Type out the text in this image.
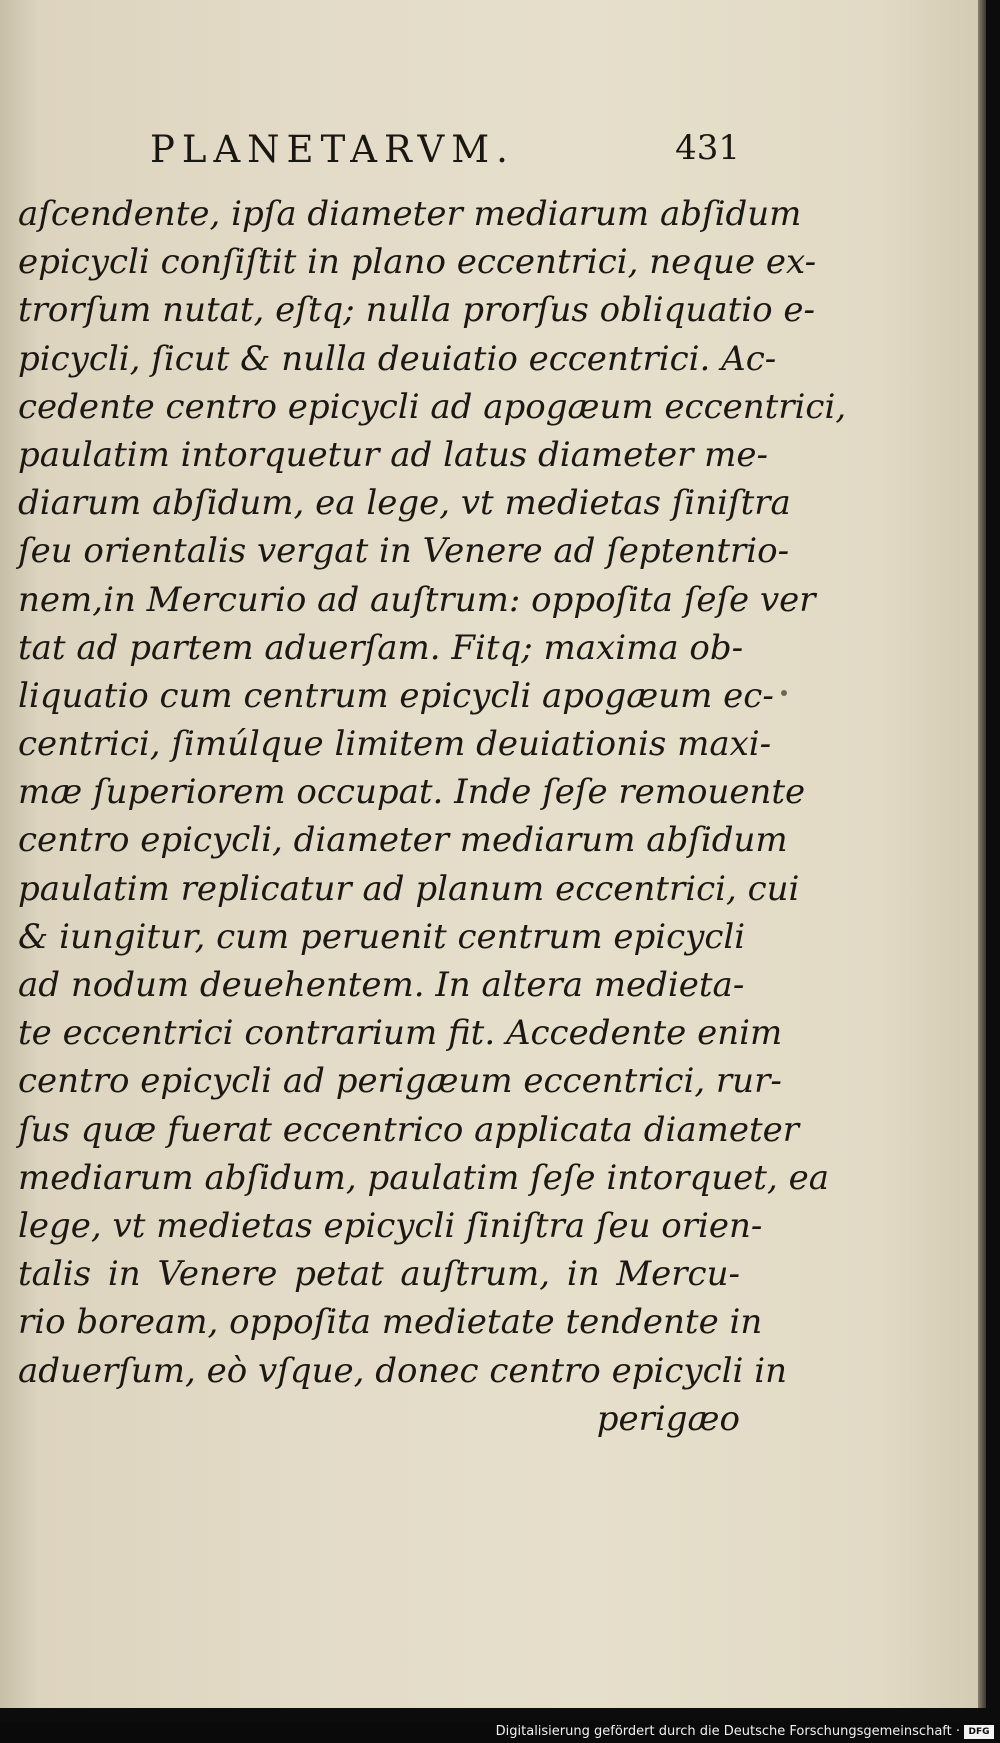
PLANETARVM.	431
aſcendente, ipſa diameter mediarum abſidum
epicycli conſiſtit in plano eccentrici, neque ex-
trorſum nutat, eſtq; nulla prorſus obliquatio e-
picycli, ſicut & nulla deuiatio eccentrici. Ac-
cedente centro epicycli ad apogæum eccentrici,
paulatim intorquetur ad latus diameter me-
diarum abſidum, ea lege, vt medietas ſiniſtra
ſeu orientalis vergat in Venere ad ſeptentrio-
nem,in Mercurio ad auſtrum: oppoſita ſeſe ver
tat ad partem aduerſam. Fitq; maxima ob-
liquatio cum centrum epicycli apogæum ec-
centrici, ſimúlque limitem deuiationis maxi-
mæ ſuperiorem occupat. Inde ſeſe remouente
centro epicycli, diameter mediarum abſidum
paulatim replicatur ad planum eccentrici, cui
& iungitur, cum peruenit centrum epicycli
ad nodum deuehentem. In altera medieta-
te eccentrici contrarium fit. Accedente enim
centro epicycli ad perigæum eccentrici, rur-
ſus quæ fuerat eccentrico applicata diameter
mediarum abſidum, paulatim ſeſe intorquet, ea
lege, vt medietas epicycli ſiniſtra ſeu orien-
talis in Venere petat auſtrum, in Mercu-
rio boream, oppoſita medietate tendente in
aduerſum, eò vſque, donec centro epicycli in
perigæo
Digitalisierung gefördert durch die Deutsche Forschungsgemeinschaft · DFG
